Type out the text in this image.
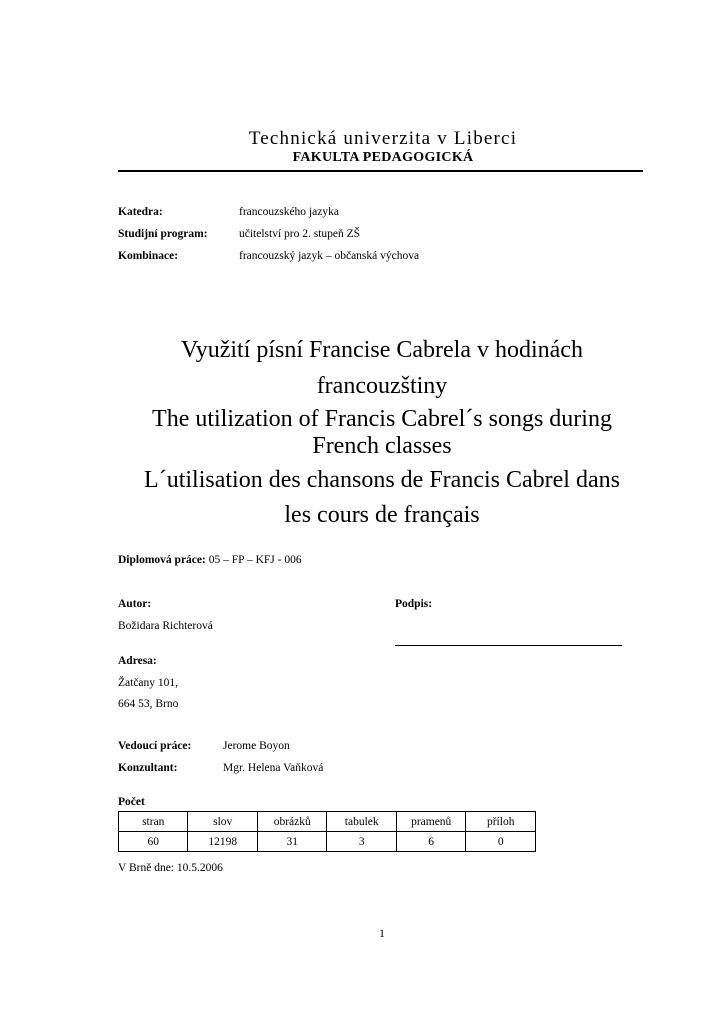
Technická univerzita v Liberci
FAKULTA PEDAGOGICKÁ
Katedra:	francouzského jazyka
Studijní program:	učitelství pro 2. stupeň ZŠ
Kombinace:	francouzský jazyk – občanská výchova
Využití písní Francise Cabrela v hodinách
francouzštiny
The utilization of Francis Cabrel´s songs during
French classes
L´utilisation des chansons de Francis Cabrel dans
les cours de français
Diplomová práce: 05 – FP – KFJ - 006
Autor:	Podpis:
Božidara Richterová
Adresa:
Žatčany 101,
664 53, Brno
Vedoucí práce:	Jerome Boyon
Konzultant:	Mgr. Helena Vaňková
Počet
stran	slov	obrázků	tabulek	pramenů	příloh
60	12198	31	3	6	0
V Brně dne: 10.5.2006
1
